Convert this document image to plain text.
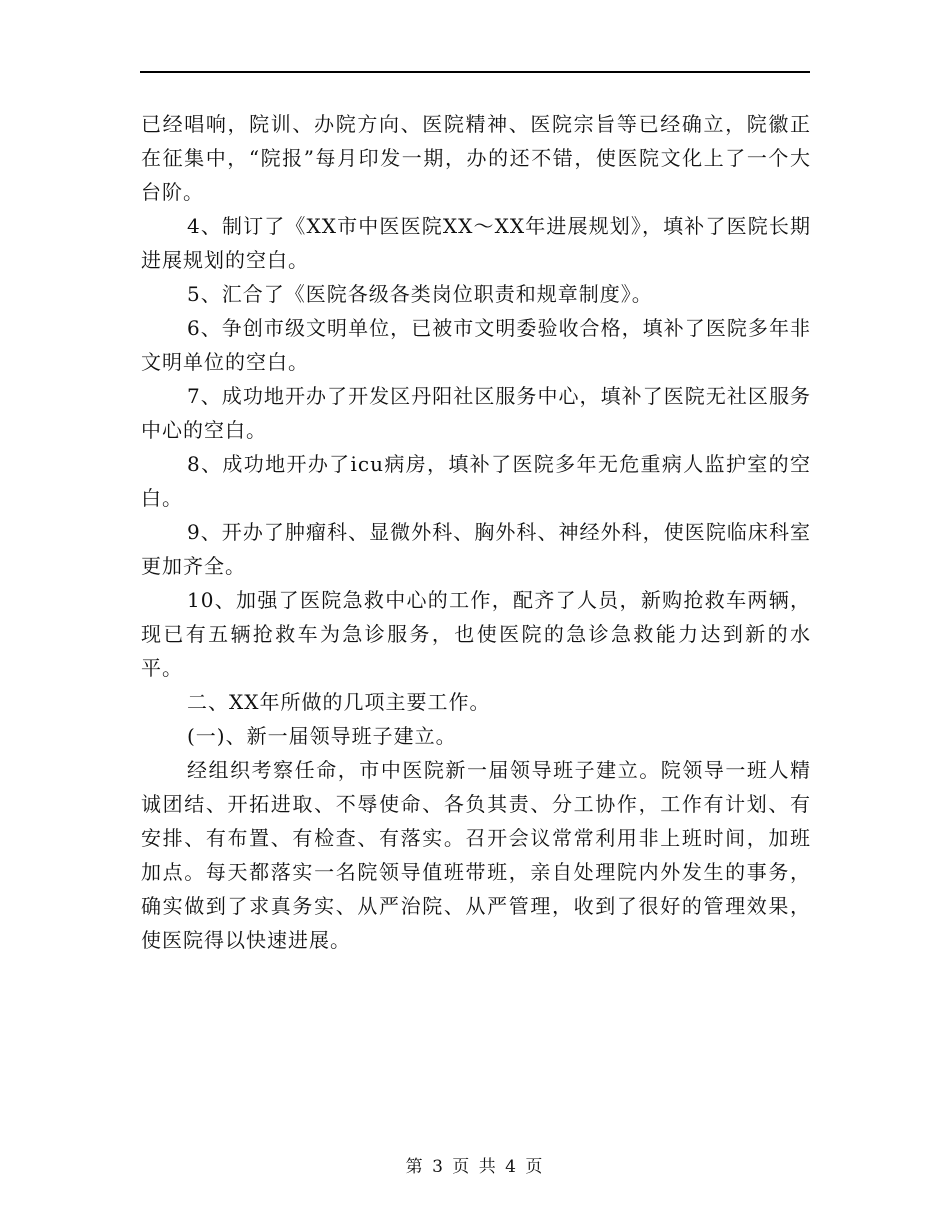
已经唱响，院训、办院方向、医院精神、医院宗旨等已经确立，院徽正在征集中，“院报”每月印发一期，办的还不错，使医院文化上了一个大台阶。

4、制订了《XX市中医医院XX～XX年进展规划》，填补了医院长期进展规划的空白。

5、汇合了《医院各级各类岗位职责和规章制度》。

6、争创市级文明单位，已被市文明委验收合格，填补了医院多年非文明单位的空白。

7、成功地开办了开发区丹阳社区服务中心，填补了医院无社区服务中心的空白。

8、成功地开办了icu病房，填补了医院多年无危重病人监护室的空白。

9、开办了肿瘤科、显微外科、胸外科、神经外科，使医院临床科室更加齐全。

10、加强了医院急救中心的工作，配齐了人员，新购抢救车两辆，现已有五辆抢救车为急诊服务，也使医院的急诊急救能力达到新的水平。

二、XX年所做的几项主要工作。

(一)、新一届领导班子建立。

经组织考察任命，市中医院新一届领导班子建立。院领导一班人精诚团结、开拓进取、不辱使命、各负其责、分工协作，工作有计划、有安排、有布置、有检查、有落实。召开会议常常利用非上班时间，加班加点。每天都落实一名院领导值班带班，亲自处理院内外发生的事务，确实做到了求真务实、从严治院、从严管理，收到了很好的管理效果，使医院得以快速进展。

第 3 页 共 4 页
